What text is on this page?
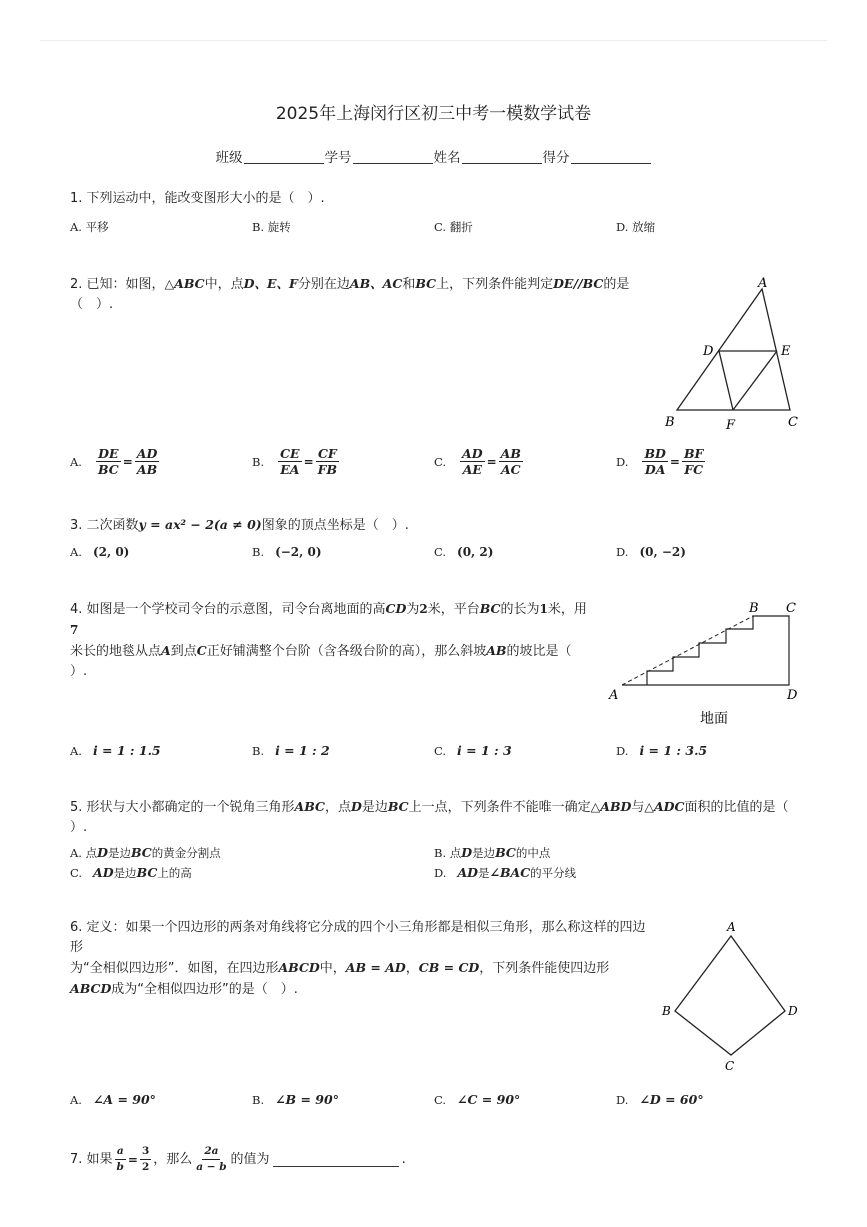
2025年上海闵行区初三中考一模数学试卷
班级	学号	姓名	得分
1. 下列运动中，能改变图形大小的是（　）.
A. 平移	B. 旋转	C. 翻折	D. 放缩
2. 已知：如图，△ABC中，点D、E、F分别在边AB、AC和BC上，下列条件能判定DE//BC的是
（　）.
A
B	C
D	E
F
A. $\frac{DE}{BC} = \frac{AD}{AB}$	B. $\frac{CE}{EA} = \frac{CF}{FB}$	C. $\frac{AD}{AE} = \frac{AB}{AC}$	D. $\frac{BD}{DA} = \frac{BF}{FC}$
3. 二次函数y = ax² − 2(a ≠ 0)图象的顶点坐标是（　）.
A. (2, 0)	B. (−2, 0)	C. (0, 2)	D. (0, −2)
4. 如图是一个学校司令台的示意图，司令台离地面的高CD为2米，平台BC的长为1米，用7
米长的地毯从点A到点C正好铺满整个台阶（含各级台阶的高），那么斜坡AB的坡比是（
）.
A
B C
D
地面
A. i = 1 : 1.5	B. i = 1 : 2	C. i = 1 : 3	D. i = 1 : 3.5
5. 形状与大小都确定的一个锐角三角形ABC，点D是边BC上一点，下列条件不能唯一确定△ABD与△ADC面积的比值的是（
）.
A. 点D是边BC的黄金分割点	B. 点D是边BC的中点
C. AD是边BC上的高	D. AD是∠BAC的平分线
6. 定义：如果一个四边形的两条对角线将它分成的四个小三角形都是相似三角形，那么称这样的四边形
为“全相似四边形”．如图，在四边形ABCD中，AB = AD，CB = CD，下列条件能使四边形
ABCD成为“全相似四边形”的是（　）.
A
B
C
D
A. ∠A = 90°	B. ∠B = 90°	C. ∠C = 90°	D. ∠D = 60°
7. 如果 $\frac{a}{b} = \frac{3}{2}$ ，那么 $\frac{2a}{a - b}$ 的值为	.
